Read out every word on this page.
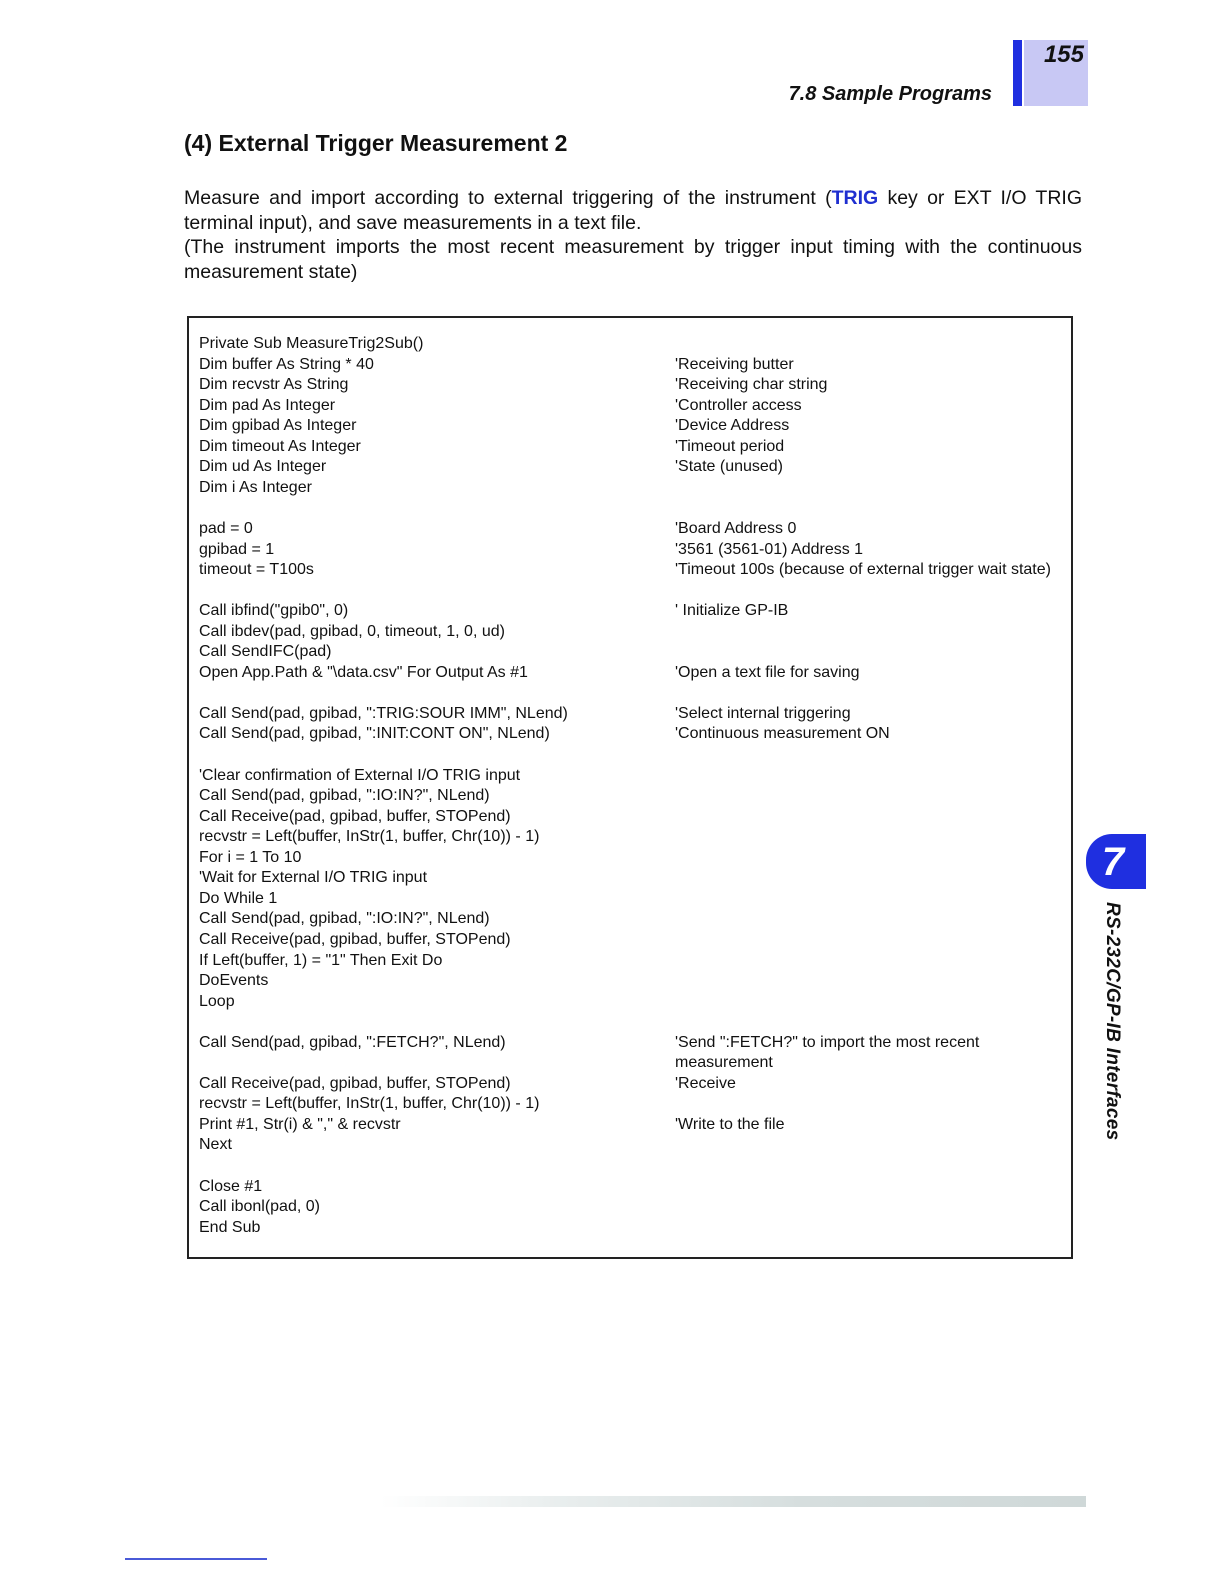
155
7.8 Sample Programs
(4) External Trigger Measurement 2

Measure and import according to external triggering of the instrument (TRIG key or EXT I/O TRIG terminal input), and save measurements in a text file.

(The instrument imports the most recent measurement by trigger input timing with the continuous measurement state)

Private Sub MeasureTrig2Sub()
Dim buffer As String * 40	'Receiving butter
Dim recvstr As String	'Receiving char string
Dim pad As Integer	'Controller access
Dim gpibad As Integer	'Device Address
Dim timeout As Integer	'Timeout period
Dim ud As Integer	'State (unused)
Dim i As Integer
pad = 0	'Board Address 0
gpibad = 1	'3561 (3561-01) Address 1
timeout = T100s	'Timeout 100s (because of external trigger wait state)
Call ibfind("gpib0", 0)	' Initialize GP-IB
Call ibdev(pad, gpibad, 0, timeout, 1, 0, ud)
Call SendIFC(pad)
Open App.Path & "\data.csv" For Output As #1	'Open a text file for saving
Call Send(pad, gpibad, ":TRIG:SOUR IMM", NLend)	'Select internal triggering
Call Send(pad, gpibad, ":INIT:CONT ON", NLend)	'Continuous measurement ON
'Clear confirmation of External I/O TRIG input
Call Send(pad, gpibad, ":IO:IN?", NLend)
Call Receive(pad, gpibad, buffer, STOPend)
recvstr = Left(buffer, InStr(1, buffer, Chr(10)) - 1)
For i = 1 To 10
'Wait for External I/O TRIG input
Do While 1
Call Send(pad, gpibad, ":IO:IN?", NLend)
Call Receive(pad, gpibad, buffer, STOPend)
If Left(buffer, 1) = "1" Then Exit Do
DoEvents
Loop
Call Send(pad, gpibad, ":FETCH?", NLend)	'Send ":FETCH?" to import the most recent
measurement
Call Receive(pad, gpibad, buffer, STOPend)	'Receive
recvstr = Left(buffer, InStr(1, buffer, Chr(10)) - 1)
Print #1, Str(i) & "," & recvstr	'Write to the file
Next
Close #1
Call ibonl(pad, 0)
End Sub
7

RS-232C/GP-IB Interfaces
